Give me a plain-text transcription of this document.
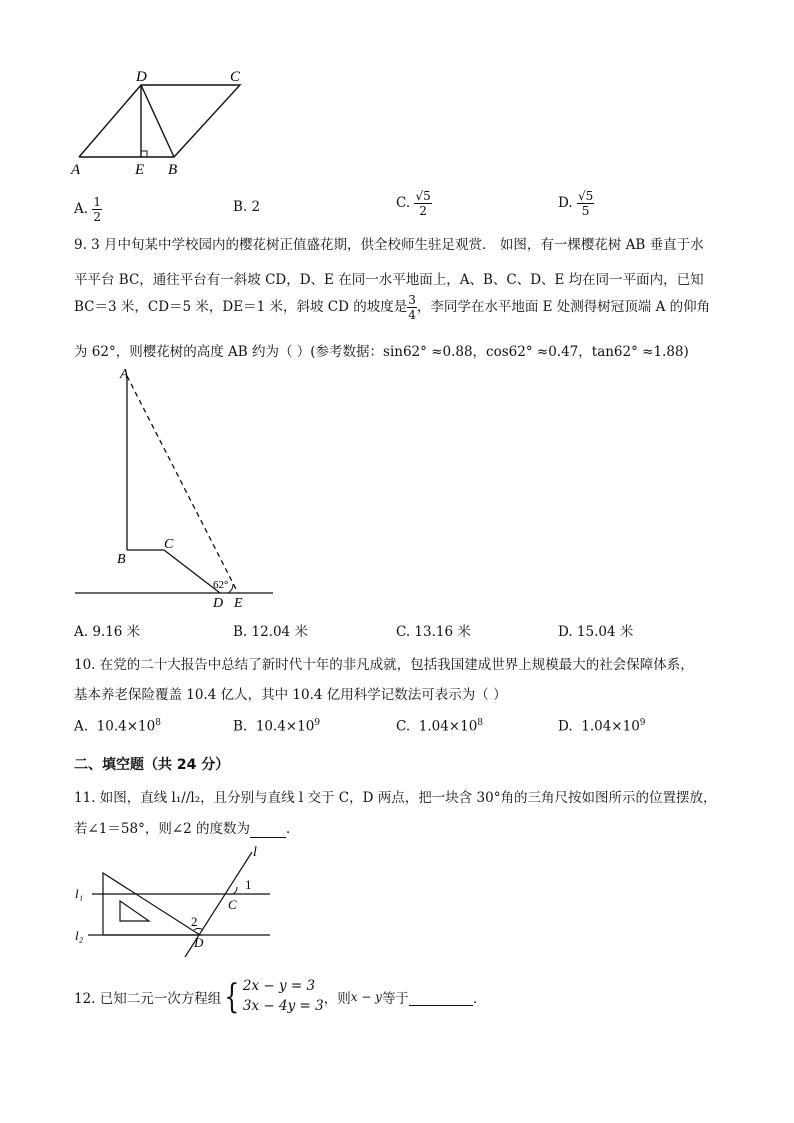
D	C
A	E B
A. $\frac{1}{2}$	B. 2	C. $\frac{√5}{2}$	D. $\frac{√5}{5}$
9. 3 月中旬某中学校园内的樱花树正值盛花期，供全校师生驻足观赏． 如图，有一棵樱花树 AB 垂直于水
平平台 BC，通往平台有一斜坡 CD，D、E 在同一水平地面上，A、B、C、D、E 均在同一平面内，已知
BC＝3 米，CD＝5 米，DE＝1 米，斜坡 CD 的坡度是 $\frac{3}{4}$ ，李同学在水平地面 E 处测得树冠顶端 A 的仰角
为 62°，则樱花树的高度 AB 约为（ ）(参考数据：sin62° ≈0.88，cos62° ≈0.47，tan62° ≈1.88)
A
B
C
D E
62°
A. 9.16 米	B. 12.04 米	C. 13.16 米	D. 15.04 米
10. 在党的二十大报告中总结了新时代十年的非凡成就，包括我国建成世界上规模最大的社会保障体系，
基本养老保险覆盖 10.4 亿人，其中 10.4 亿用科学记数法可表示为（ ）
A. $10.4\times 10^8$	B. $10.4\times 10^9$	C. $1.04\times 10^8$	D. $1.04\times 10^9$
二、填空题（共 24 分）
11. 如图，直线 l₁//l₂，且分别与直线 l 交于 C，D 两点，把一块含 30°角的三角尺按如图所示的位置摆放，
若∠1＝58°，则∠2 的度数为	．
l
l₁
l₂
1
2
C
D
12. 已知二元一次方程组 { 2x − y = 3
3x − 4y = 3 ，则 x − y 等于
	．
